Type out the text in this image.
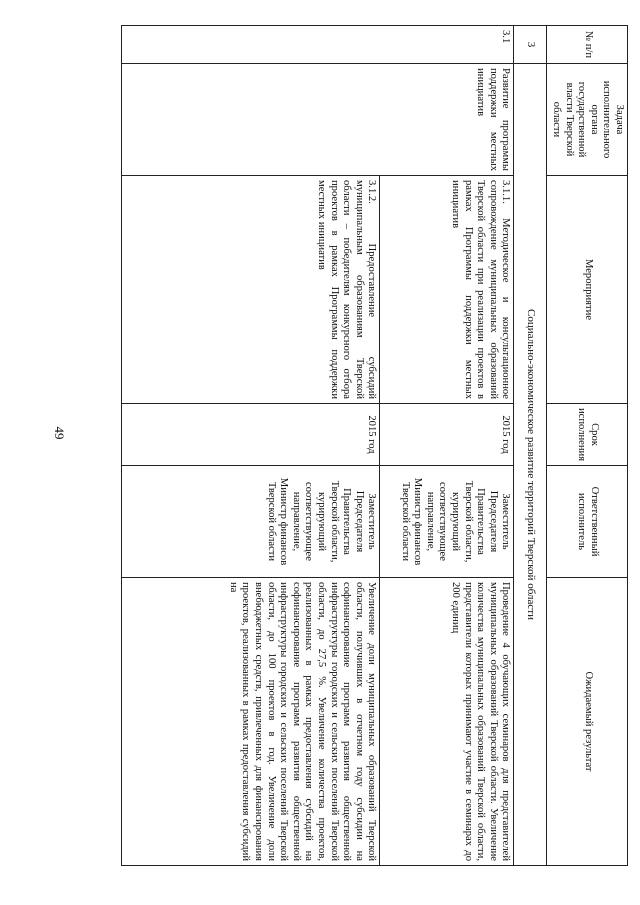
49
№ п/п	Задача исполнительного органа государственной власти Тверской области	Мероприятие	Срок исполнения	Ответственный исполнитель	Ожидаемый результат
3	Социально-экономическое развитие территорий Тверской области				
3.1	Развитие программы поддержки местных инициатив	3.1.1. Методическое и консультационное сопровождение муниципальных образований Тверской области при реализации проектов в рамках Программы поддержки местных инициатив	2015 год	Заместитель Председателя Правительства Тверской области, курирующий соответствующее направление, Министр финансов Тверской области	Проведение 4 обучающих семинаров для представителей муниципальных образований Тверской области. Увеличение количества муниципальных образований Тверской области, представители которых принимают участие в семинарах до 200 единиц
		3.1.2. Предоставление субсидий муниципальным образованиям Тверской области – победителям конкурсного отбора проектов в рамках Программы поддержки местных инициатив	2015 год	Заместитель Председателя Правительства Тверской области, курирующий соответствующее направление, Министр финансов Тверской области	Увеличение доли муниципальных образований Тверской области, получивших в отчетном году субсидии на софинансирование программ развития общественной инфраструктуры городских и сельских поселений Тверской области, до 27,5 %. Увеличение количества проектов, реализованных в рамках предоставления субсидий на софинансирование программ развития общественной инфраструктуры городских и сельских поселений Тверской области, до 100 проектов в год. Увеличение доли внебюджетных средств, привлеченных для финансирования проектов, реализованных в рамках предоставления субсидий на
